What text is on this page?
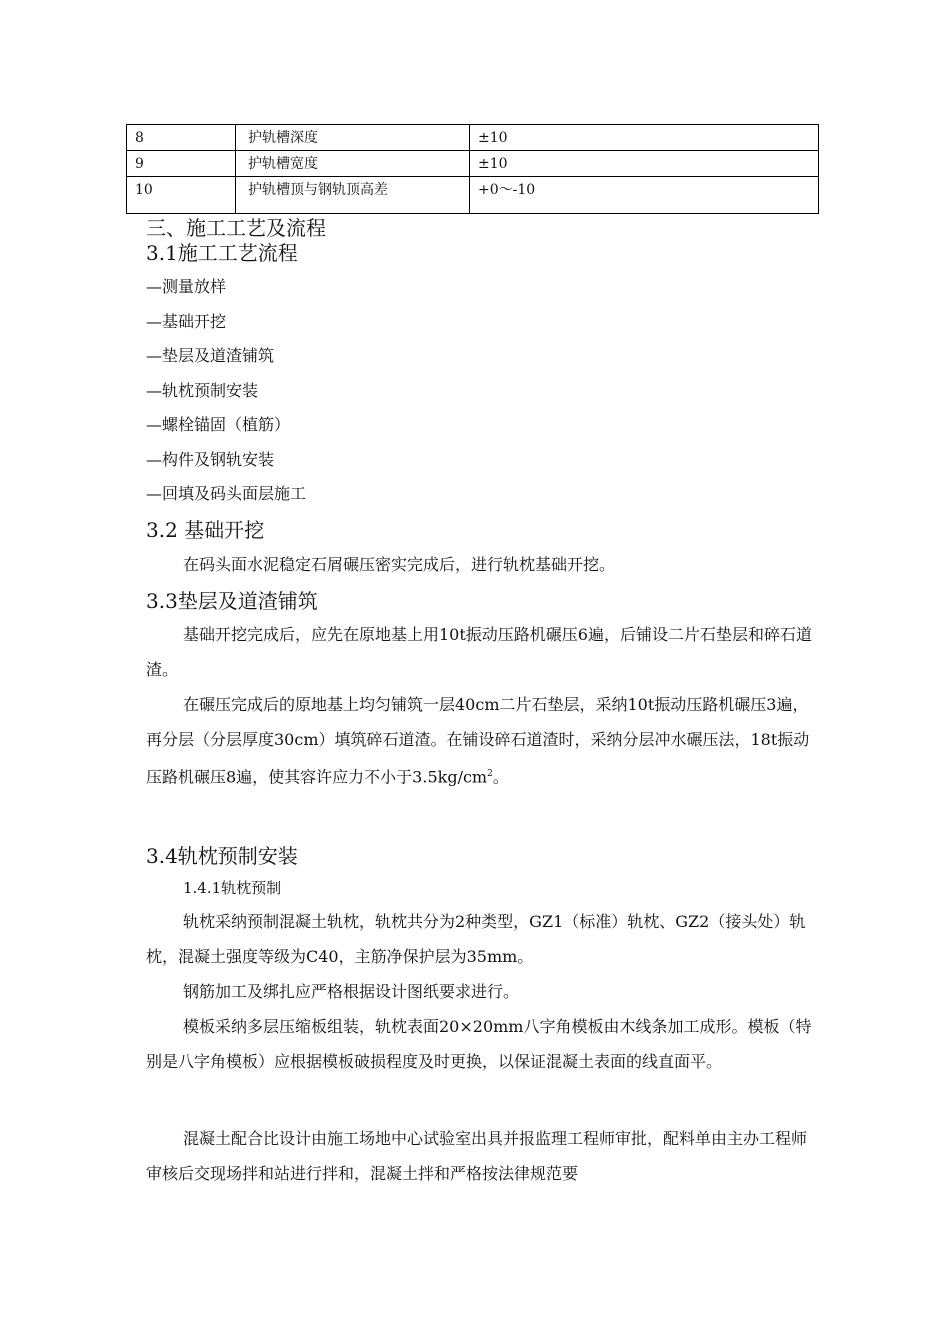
8	护轨槽深度	±10
9	护轨槽宽度	±10
10	护轨槽顶与钢轨顶高差	+0～-10
三、施工工艺及流程
3.1施工工艺流程
—测量放样
—基础开挖
—垫层及道渣铺筑
—轨枕预制安装
—螺栓锚固（植筋）
—构件及钢轨安装
—回填及码头面层施工
3.2 基础开挖
在码头面水泥稳定石屑碾压密实完成后，进行轨枕基础开挖。
3.3垫层及道渣铺筑
基础开挖完成后，应先在原地基上用10t振动压路机碾压6遍，后铺设二片石垫层和碎石道渣。
在碾压完成后的原地基上均匀铺筑一层40cm二片石垫层，采纳10t振动压路机碾压3遍，再分层（分层厚度30cm）填筑碎石道渣。在铺设碎石道渣时，采纳分层冲水碾压法，18t振动压路机碾压8遍，使其容许应力不小于$3.5kg/cm^2$。
3.4轨枕预制安装
1.4.1轨枕预制
轨枕采纳预制混凝土轨枕，轨枕共分为2种类型，GZ1（标准）轨枕、GZ2（接头处）轨枕，混凝土强度等级为C40，主筋净保护层为35mm。
钢筋加工及绑扎应严格根据设计图纸要求进行。
模板采纳多层压缩板组装，轨枕表面20×20mm八字角模板由木线条加工成形。模板（特别是八字角模板）应根据模板破损程度及时更换，以保证混凝土表面的线直面平。
混凝土配合比设计由施工场地中心试验室出具并报监理工程师审批，配料单由主办工程师审核后交现场拌和站进行拌和，混凝土拌和严格按法律规范要
